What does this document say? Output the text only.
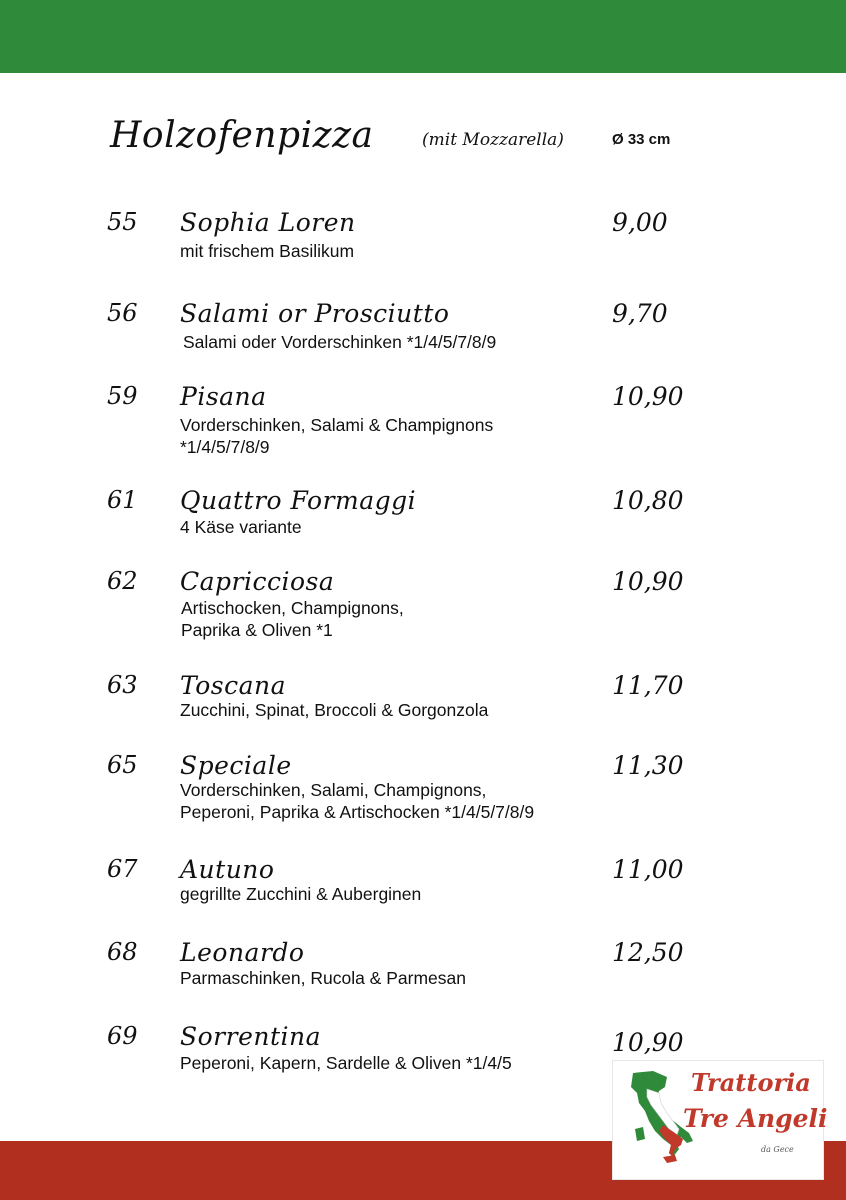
Holzofenpizza	(mit Mozzarella)	Ø 33 cm
55 Sophia Loren	9,00
mit frischem Basilikum
56 Salami or Prosciutto	9,70
Salami oder Vorderschinken *1/4/5/7/8/9
59 Pisana	10,90
Vorderschinken, Salami & Champignons
*1/4/5/7/8/9
61 Quattro Formaggi	10,80
4 Käse variante
62 Capricciosa	10,90
Artischocken, Champignons,
Paprika & Oliven *1
63 Toscana	11,70
Zucchini, Spinat, Broccoli & Gorgonzola
65 Speciale	11,30
Vorderschinken, Salami, Champignons,
Peperoni, Paprika & Artischocken *1/4/5/7/8/9
67 Autuno	11,00
gegrillte Zucchini & Auberginen
68 Leonardo	12,50
Parmaschinken, Rucola & Parmesan
69 Sorrentina	10,90
Peperoni, Kapern, Sardelle & Oliven *1/4/5
Trattoria
Tre Angeli
da Gece
